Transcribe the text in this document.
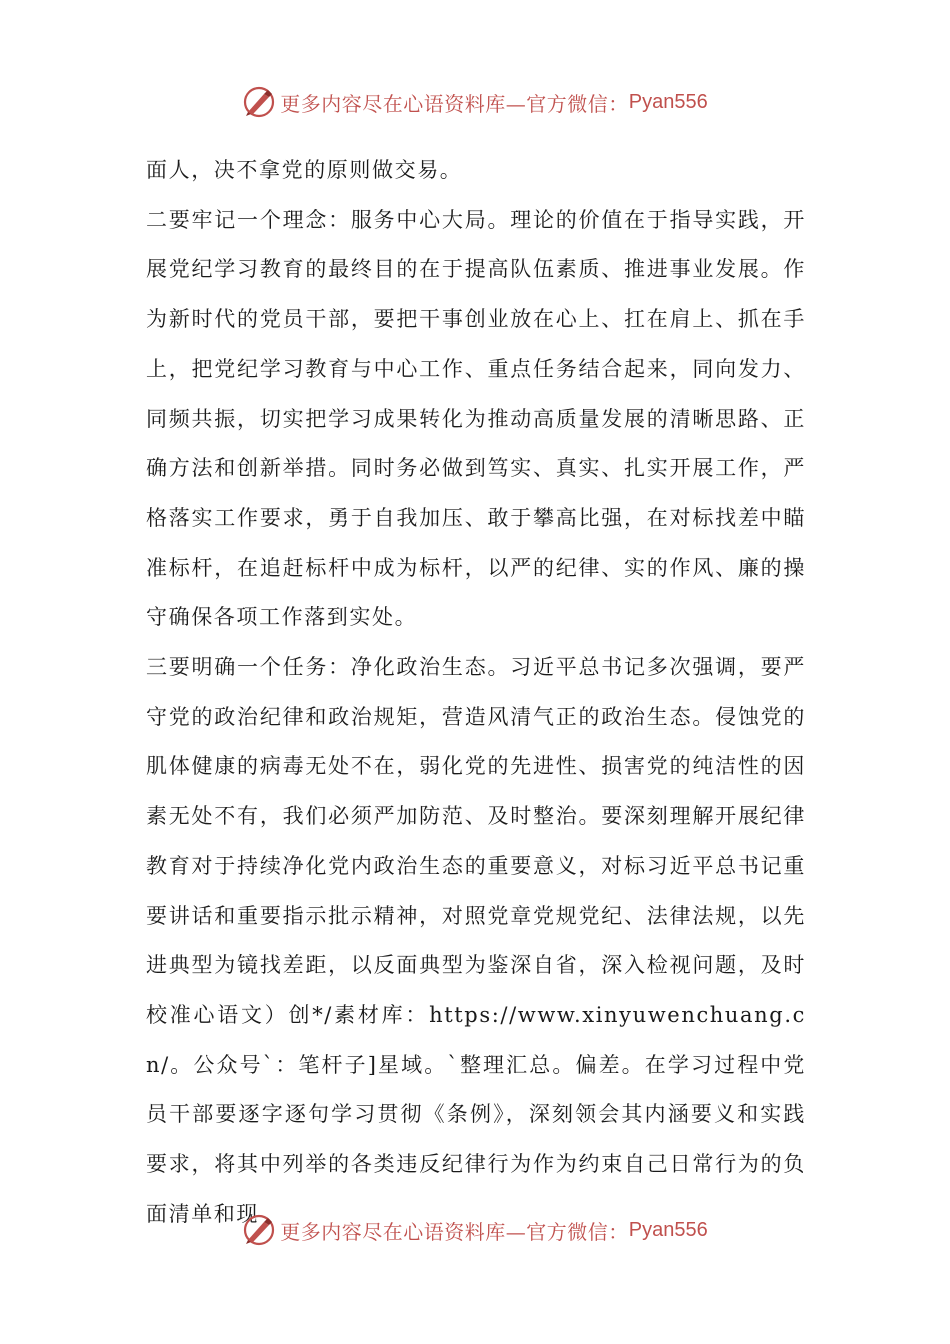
更多内容尽在心语资料库—官方微信： Pyan556

面人，决不拿党的原则做交易。

二要牢记一个理念：服务中心大局。理论的价值在于指导实践，开展党纪学习教育的最终目的在于提高队伍素质、推进事业发展。作为新时代的党员干部，要把干事创业放在心上、扛在肩上、抓在手上，把党纪学习教育与中心工作、重点任务结合起来，同向发力、同频共振，切实把学习成果转化为推动高质量发展的清晰思路、正确方法和创新举措。同时务必做到笃实、真实、扎实开展工作，严格落实工作要求，勇于自我加压、敢于攀高比强，在对标找差中瞄准标杆，在追赶标杆中成为标杆，以严的纪律、实的作风、廉的操守确保各项工作落到实处。

三要明确一个任务：净化政治生态。习近平总书记多次强调，要严守党的政治纪律和政治规矩，营造风清气正的政治生态。侵蚀党的肌体健康的病毒无处不在，弱化党的先进性、损害党的纯洁性的因素无处不有，我们必须严加防范、及时整治。要深刻理解开展纪律教育对于持续净化党内政治生态的重要意义，对标习近平总书记重要讲话和重要指示批示精神，对照党章党规党纪、法律法规，以先进典型为镜找差距，以反面典型为鉴深自省，深入检视问题，及时校准心语文）创*/素材库：https://www.xinyuwenchuang.cn/。公众号`：笔杆子]星域。`整理汇总。偏差。在学习过程中党员干部要逐字逐句学习贯彻《条例》，深刻领会其内涵要义和实践要求，将其中列举的各类违反纪律行为作为约束自己日常行为的负面清单和现

更多内容尽在心语资料库—官方微信： Pyan556
